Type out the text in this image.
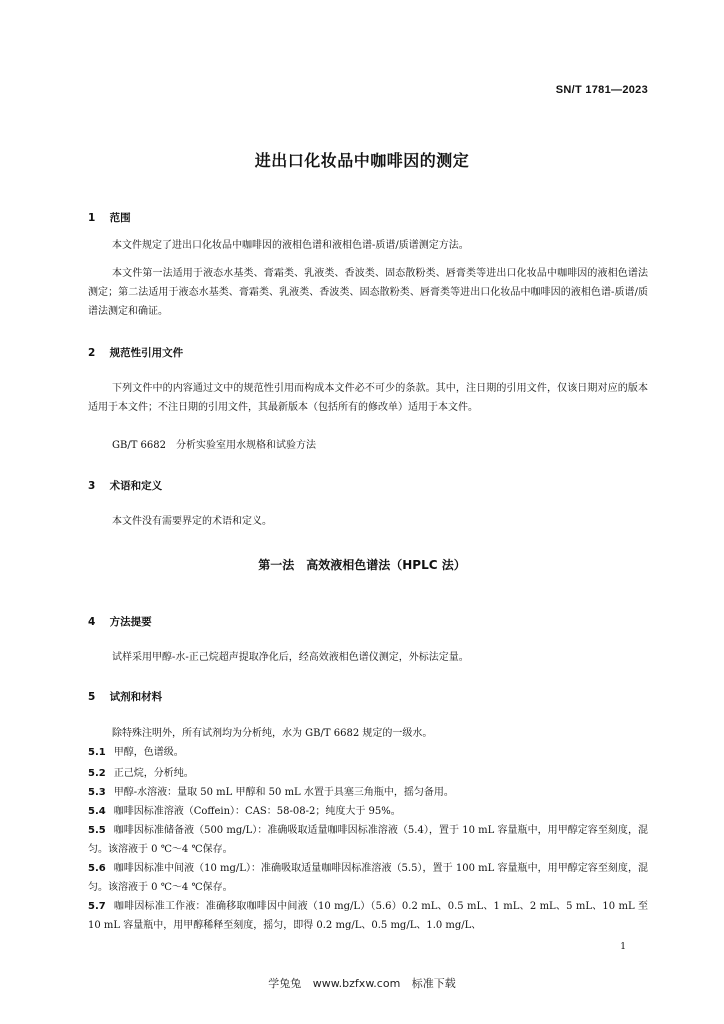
SN/T 1781—2023
进出口化妆品中咖啡因的测定
1 范围
本文件规定了进出口化妆品中咖啡因的液相色谱和液相色谱-质谱/质谱测定方法。
本文件第一法适用于液态水基类、膏霜类、乳液类、香波类、固态散粉类、唇膏类等进出口化妆品中咖啡因的液相色谱法测定；第二法适用于液态水基类、膏霜类、乳液类、香波类、固态散粉类、唇膏类等进出口化妆品中咖啡因的液相色谱-质谱/质谱法测定和确证。
2 规范性引用文件
下列文件中的内容通过文中的规范性引用而构成本文件必不可少的条款。其中，注日期的引用文件，仅该日期对应的版本适用于本文件；不注日期的引用文件，其最新版本（包括所有的修改单）适用于本文件。
GB/T 6682　分析实验室用水规格和试验方法
3 术语和定义
本文件没有需要界定的术语和定义。
第一法　高效液相色谱法（HPLC 法）
4 方法提要
试样采用甲醇-水-正己烷超声提取净化后，经高效液相色谱仪测定，外标法定量。
5 试剂和材料
除特殊注明外，所有试剂均为分析纯，水为 GB/T 6682 规定的一级水。
5.1 甲醇，色谱级。
5.2 正己烷，分析纯。
5.3 甲醇-水溶液：量取 50 mL 甲醇和 50 mL 水置于具塞三角瓶中，摇匀备用。
5.4 咖啡因标准溶液（Coffein）：CAS：58-08-2；纯度大于 95%。
5.5 咖啡因标准储备液（500 mg/L）：准确吸取适量咖啡因标准溶液（5.4），置于 10 mL 容量瓶中，用甲醇定容至刻度，混匀。该溶液于 0 ℃～4 ℃保存。
5.6 咖啡因标准中间液（10 mg/L）：准确吸取适量咖啡因标准溶液（5.5），置于 100 mL 容量瓶中，用甲醇定容至刻度，混匀。该溶液于 0 ℃～4 ℃保存。
5.7 咖啡因标准工作液：准确移取咖啡因中间液（10 mg/L）（5.6）0.2 mL、0.5 mL、1 mL、2 mL、5 mL、10 mL 至 10 mL 容量瓶中，用甲醇稀释至刻度，摇匀，即得 0.2 mg/L、0.5 mg/L、1.0 mg/L、
1
学兔兔 www.bzfxw.com 标准下载
